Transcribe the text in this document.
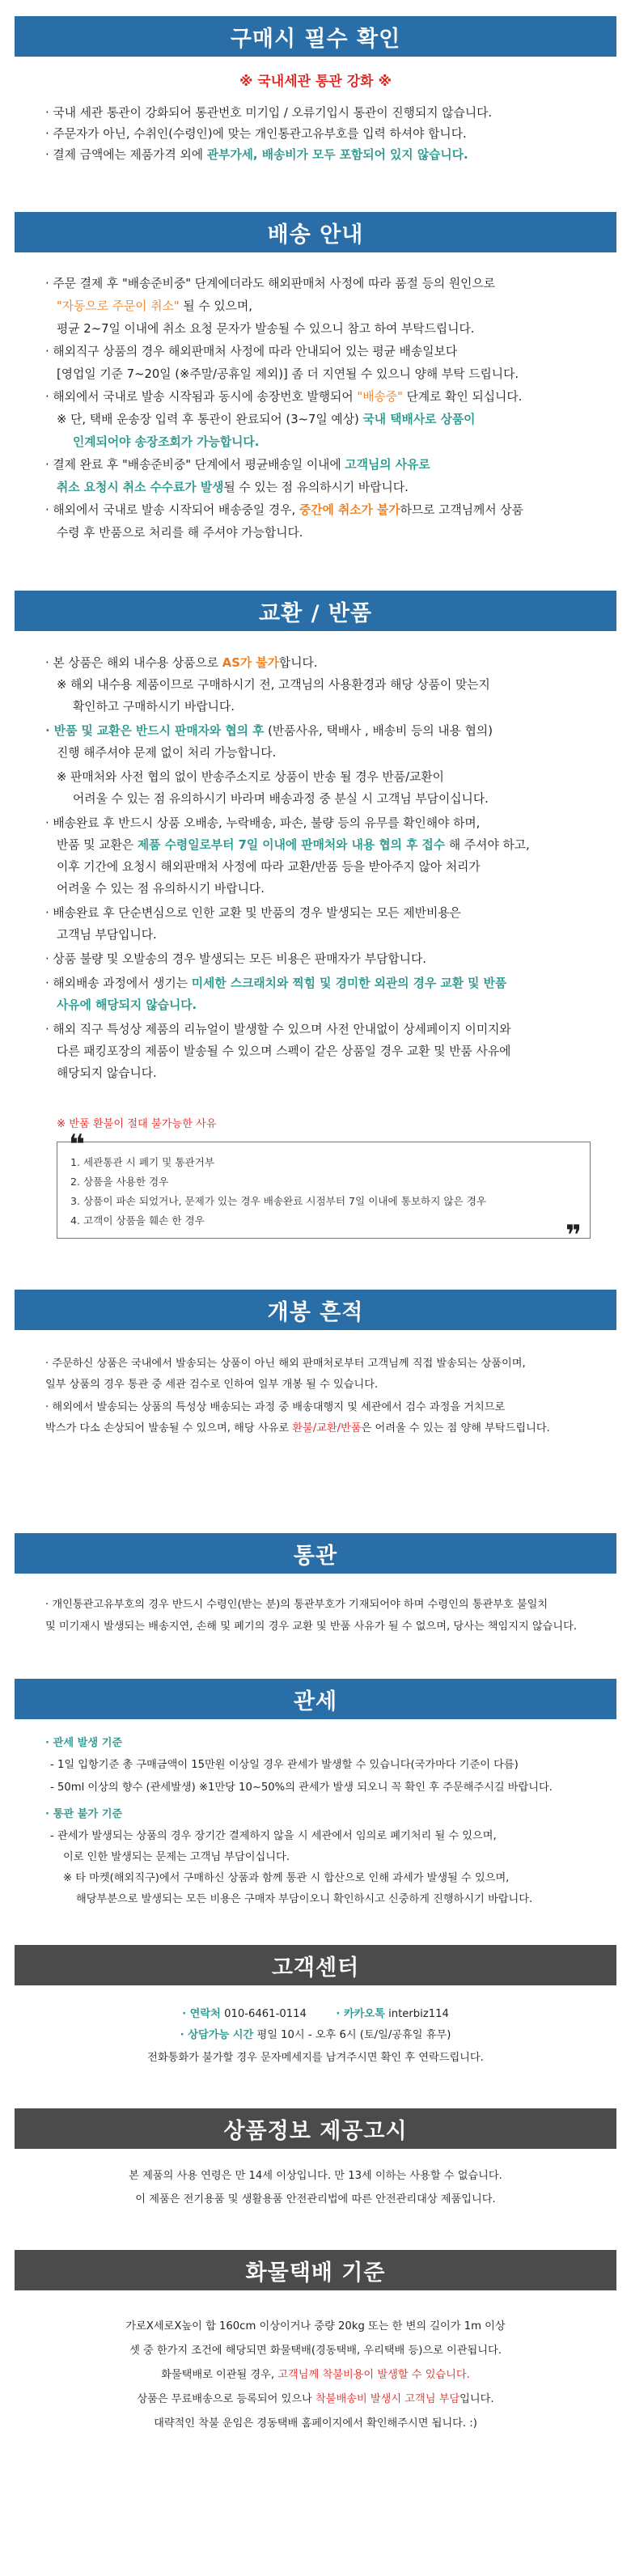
구매시 필수 확인
※ 국내세관 통관 강화 ※
· 국내 세관 통관이 강화되어 통관번호 미기입 / 오류기입시 통관이 진행되지 않습니다.
· 주문자가 아닌, 수취인(수령인)에 맞는 개인통관고유부호를 입력 하셔야 합니다.
· 결제 금액에는 제품가격 외에 관부가세, 배송비가 모두 포함되어 있지 않습니다.
배송 안내
· 주문 결제 후 "배송준비중" 단계에더라도 해외판매처 사정에 따라 품절 등의 원인으로
"자동으로 주문이 취소" 될 수 있으며,
평균 2~7일 이내에 취소 요청 문자가 발송될 수 있으니 참고 하여 부탁드립니다.
· 해외직구 상품의 경우 해외판매처 사정에 따라 안내되어 있는 평균 배송일보다
[영업일 기준 7~20일 (※주말/공휴일 제외)] 좀 더 지연될 수 있으니 양해 부탁 드립니다.
· 해외에서 국내로 발송 시작됨과 동시에 송장번호 발행되어 "배송중" 단계로 확인 되십니다.
※ 단, 택배 운송장 입력 후 통관이 완료되어 (3~7일 예상) 국내 택배사로 상품이
인계되어야 송장조회가 가능합니다.
· 결제 완료 후 "배송준비중" 단계에서 평균배송일 이내에 고객님의 사유로
취소 요청시 취소 수수료가 발생될 수 있는 점 유의하시기 바랍니다.
· 해외에서 국내로 발송 시작되어 배송중일 경우, 중간에 취소가 불가하므로 고객님께서 상품
수령 후 반품으로 처리를 해 주셔야 가능합니다.
교환 / 반품
· 본 상품은 해외 내수용 상품으로 AS가 불가합니다.
※ 해외 내수용 제품이므로 구매하시기 전, 고객님의 사용환경과 해당 상품이 맞는지
확인하고 구매하시기 바랍니다.
· 반품 및 교환은 반드시 판매자와 협의 후 (반품사유, 택배사 , 배송비 등의 내용 협의)
진행 해주셔야 문제 없이 처리 가능합니다.
※ 판매처와 사전 협의 없이 반송주소지로 상품이 반송 될 경우 반품/교환이
어려울 수 있는 점 유의하시기 바라며 배송과정 중 분실 시 고객님 부담이십니다.
· 배송완료 후 반드시 상품 오배송, 누락배송, 파손, 불량 등의 유무를 확인해야 하며,
반품 및 교환은 제품 수령일로부터 7일 이내에 판매처와 내용 협의 후 접수 해 주셔야 하고,
이후 기간에 요청시 해외판매처 사정에 따라 교환/반품 등을 받아주지 않아 처리가
어려울 수 있는 점 유의하시기 바랍니다.
· 배송완료 후 단순변심으로 인한 교환 및 반품의 경우 발생되는 모든 제반비용은
고객님 부담입니다.
· 상품 불량 및 오발송의 경우 발생되는 모든 비용은 판매자가 부담합니다.
· 해외배송 과정에서 생기는 미세한 스크래치와 찍힘 및 경미한 외관의 경우 교환 및 반품
사유에 해당되지 않습니다.
· 해외 직구 특성상 제품의 리뉴얼이 발생할 수 있으며 사전 안내없이 상세페이지 이미지와
다른 패킹포장의 제품이 발송될 수 있으며 스펙이 같은 상품일 경우 교환 및 반품 사유에
해당되지 않습니다.
※ 반품 환불이 절대 불가능한 사유
❝
❞
1. 세관통관 시 폐기 및 통관거부
2. 상품을 사용한 경우
3. 상품이 파손 되었거나, 문제가 있는 경우 배송완료 시점부터 7일 이내에 통보하지 않은 경우
4. 고객이 상품을 훼손 한 경우
개봉 흔적
· 주문하신 상품은 국내에서 발송되는 상품이 아닌 해외 판매처로부터 고객님께 직접 발송되는 상품이며,
일부 상품의 경우 통관 중 세관 검수로 인하여 일부 개봉 될 수 있습니다.
· 해외에서 발송되는 상품의 특성상 배송되는 과정 중 배송대행지 및 세관에서 검수 과정을 거치므로
박스가 다소 손상되어 발송될 수 있으며, 해당 사유로 환불/교환/반품은 어려울 수 있는 점 양해 부탁드립니다.
통관
· 개인통관고유부호의 경우 반드시 수령인(받는 분)의 통관부호가 기재되어야 하며 수령인의 통관부호 불일치
및 미기재시 발생되는 배송지연, 손해 및 폐기의 경우 교환 및 반품 사유가 될 수 없으며, 당사는 책임지지 않습니다.
관세
· 관세 발생 기준
- 1일 입항기준 총 구매금액이 15만원 이상일 경우 관세가 발생할 수 있습니다(국가마다 기준이 다름)
- 50ml 이상의 향수 (관세발생) ※1만당 10~50%의 관세가 발생 되오니 꼭 확인 후 주문해주시길 바랍니다.
· 통관 불가 기준
- 관세가 발생되는 상품의 경우 장기간 결제하지 않을 시 세관에서 임의로 폐기처리 될 수 있으며,
이로 인한 발생되는 문제는 고객님 부담이십니다.
※ 타 마켓(해외직구)에서 구매하신 상품과 함께 통관 시 합산으로 인해 과세가 발생될 수 있으며,
해당부분으로 발생되는 모든 비용은 구매자 부담이오니 확인하시고 신중하게 진행하시기 바랍니다.
고객센터
· 연락처 010-6461-0114	· 카카오톡 interbiz114
· 상담가능 시간 평일 10시 - 오후 6시 (토/일/공휴일 휴무)
전화통화가 불가할 경우 문자메세지를 남겨주시면 확인 후 연락드립니다.
상품정보 제공고시
본 제품의 사용 연령은 만 14세 이상입니다. 만 13세 이하는 사용할 수 없습니다.
이 제품은 전기용품 및 생활용품 안전관리법에 따른 안전관리대상 제품입니다.
화물택배 기준
가로X세로X높이 합 160cm 이상이거나 중량 20kg 또는 한 변의 길이가 1m 이상
셋 중 한가지 조건에 해당되면 화물택배(경동택배, 우리택배 등)으로 이관됩니다.
화물택배로 이관될 경우, 고객님께 착불비용이 발생할 수 있습니다.
상품은 무료배송으로 등록되어 있으나 착불배송비 발생시 고객님 부담입니다.
대략적인 착불 운임은 경동택배 홈페이지에서 확인해주시면 됩니다. :)
